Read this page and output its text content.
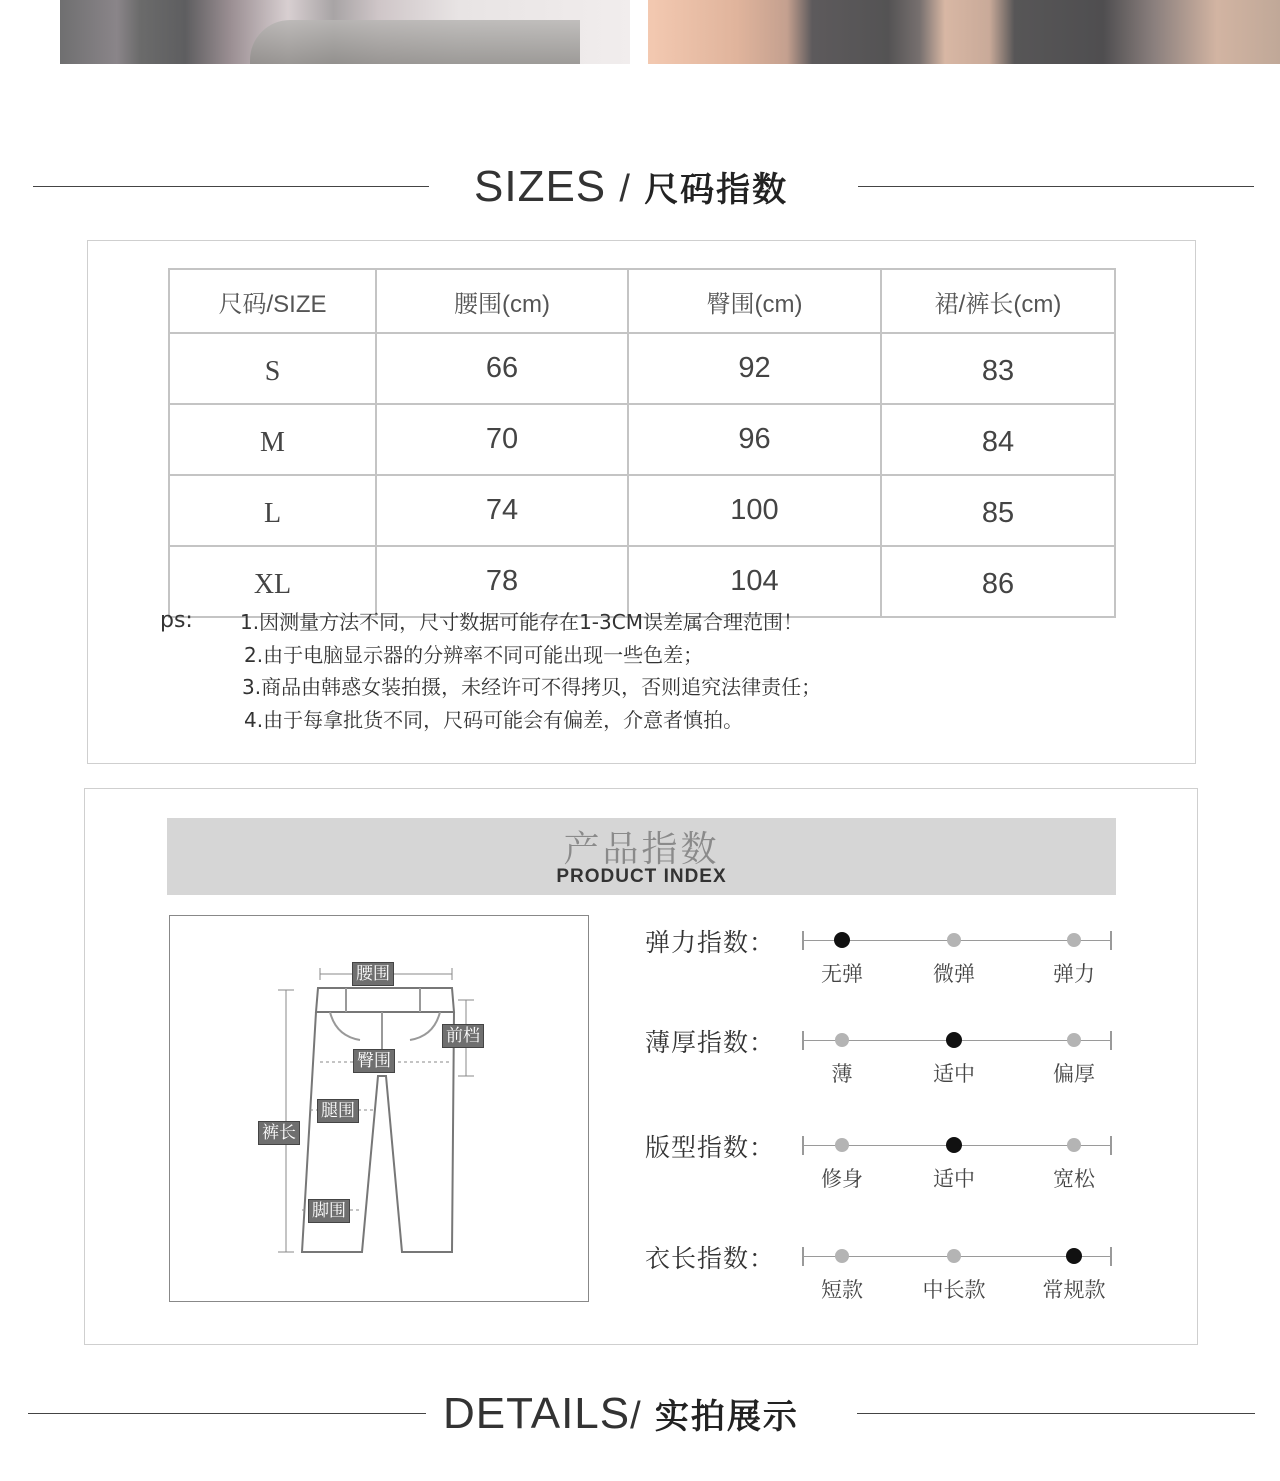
SIZES / 尺码指数
尺码/SIZE	腰围(cm)	臀围(cm)	裙/裤长(cm)
S	66	92	83
M	70	96	84
L	74	100	85
XL	78	104	86
ps: 1.因测量方法不同，尺寸数据可能存在1-3CM误差属合理范围！
2.由于电脑显示器的分辨率不同可能出现一些色差；
3.商品由韩惑女装拍摄，未经许可不得拷贝，否则追究法律责任；
4.由于每拿批货不同，尺码可能会有偏差，介意者慎拍。
产品指数
PRODUCT INDEX
腰围
前档
臀围
腿围
裤长
脚围
弹力指数：
无弹	微弹	弹力
薄厚指数：
薄	适中	偏厚
版型指数：
修身	适中	宽松
衣长指数：
短款	中长款	常规款
DETAILS/ 实拍展示
